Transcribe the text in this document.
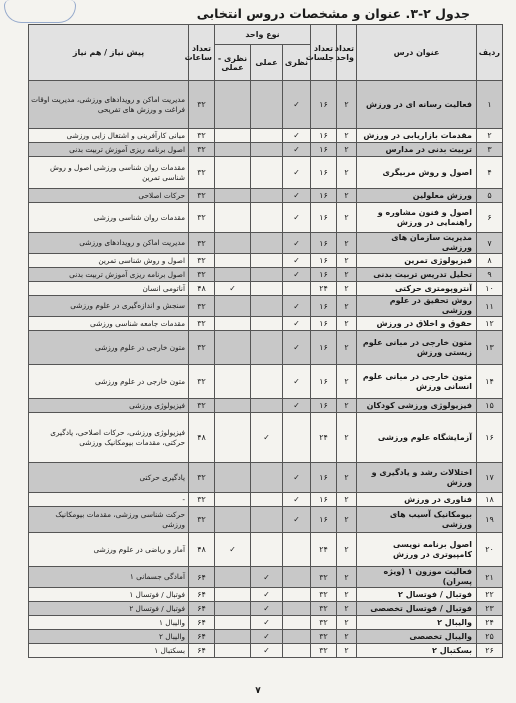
جدول ۲-۳. عنوان و مشخصات دروس انتخابی
ردیف	عنوان درس	تعداد واحد	تعداد جلسات	نوع واحد			تعداد ساعات	پیش نیاز / هم نیاز
				نظری	عملی	نظری - عملی		
۱	فعالیت رسانه ای در ورزش	۲	۱۶	✓			۳۲	مدیریت اماکن و رویدادهای ورزشی، مدیریت اوقات فراغت و ورزش های تفریحی
۲	مقدمات بازاریابی در ورزش	۲	۱۶	✓			۳۲	مبانی کارآفرینی و اشتغال زایی ورزشی
۳	تربیت بدنی در مدارس	۲	۱۶	✓			۳۲	اصول برنامه ریزی آموزش تربیت بدنی
۴	اصول و روش مربیگری	۲	۱۶	✓			۳۲	مقدمات روان شناسی ورزشی اصول و روش شناسی تمرین
۵	ورزش معلولین	۲	۱۶	✓			۳۲	حرکات اصلاحی
۶	اصول و فنون مشاوره و راهنمایی در ورزش	۲	۱۶	✓			۳۲	مقدمات روان شناسی ورزشی
۷	مدیریت سازمان های ورزشی	۲	۱۶	✓			۳۲	مدیریت اماکن و رویدادهای ورزشی
۸	فیزیولوژی تمرین	۲	۱۶	✓			۳۲	اصول و روش شناسی تمرین
۹	تحلیل تدریس تربیت بدنی	۲	۱۶	✓			۳۲	اصول برنامه ریزی آموزش تربیت بدنی
۱۰	آنتروپومتری حرکتی	۲	۲۴			✓	۴۸	آناتومی انسان
۱۱	روش تحقیق در علوم ورزشی	۲	۱۶	✓			۳۲	سنجش و اندازه‌گیری در علوم ورزشی
۱۲	حقوق و اخلاق در ورزش	۲	۱۶	✓			۳۲	مقدمات جامعه شناسی ورزشی
۱۳	متون خارجی در مبانی علوم زیستی ورزش	۲	۱۶	✓			۳۲	متون خارجی در علوم ورزشی
۱۴	متون خارجی در مبانی علوم انسانی ورزش	۲	۱۶	✓			۳۲	متون خارجی در علوم ورزشی
۱۵	فیزیولوژی ورزشی کودکان	۲	۱۶	✓			۳۲	فیزیولوژی ورزشی
۱۶	آزمایشگاه علوم ورزشی	۲	۲۴		✓		۴۸	فیزیولوژی ورزشی، حرکات اصلاحی، یادگیری حرکتی، مقدمات بیومکانیک ورزشی
۱۷	اختلالات رشد و یادگیری و ورزش	۲	۱۶	✓			۳۲	یادگیری حرکتی
۱۸	فناوری در ورزش	۲	۱۶	✓			۳۲	-
۱۹	بیومکانیک آسیب های ورزشی	۲	۱۶	✓			۳۲	حرکت شناسی ورزشی، مقدمات بیومکانیک ورزشی
۲۰	اصول برنامه نویسی کامپیوتری در ورزش	۲	۲۴			✓	۴۸	آمار و ریاضی در علوم ورزشی
۲۱	فعالیت موزون ۱ (ویژه پسران)	۲	۳۲		✓		۶۴	آمادگی جسمانی ۱
۲۲	فوتبال / فوتسال ۲	۲	۳۲		✓		۶۴	فوتبال / فوتسال ۱
۲۳	فوتبال / فوتسال تخصصی	۲	۳۲		✓		۶۴	فوتبال / فوتسال ۲
۲۴	والیبال ۲	۲	۳۲		✓		۶۴	والیبال ۱
۲۵	والیبال تخصصی	۲	۳۲		✓		۶۴	والیبال ۲
۲۶	بسکتبال ۲	۲	۳۲		✓		۶۴	بسکتبال ۱
۷
